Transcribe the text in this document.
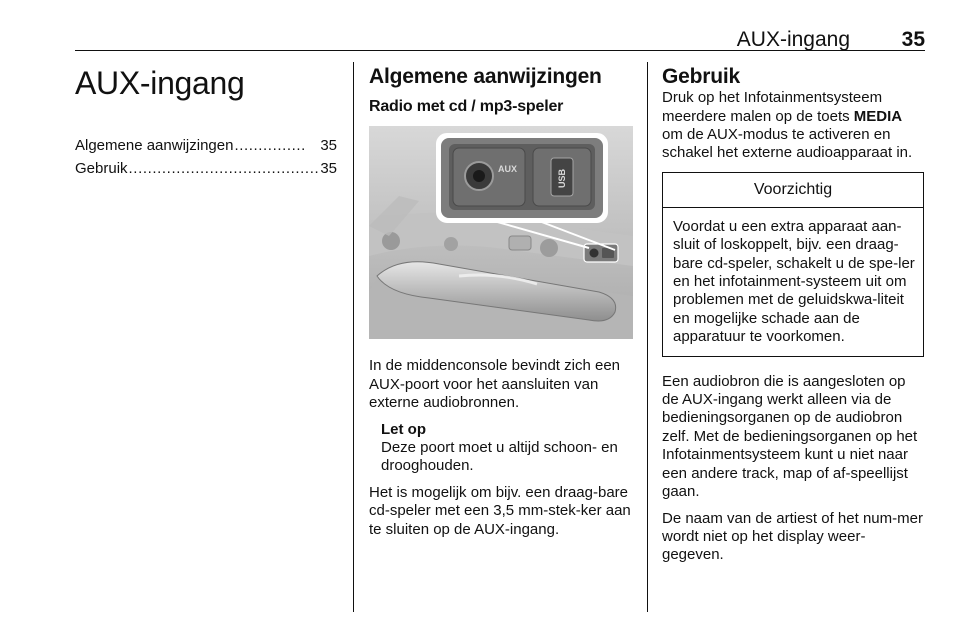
AUX-ingang 35
AUX-ingang
Algemene aanwijzingen ............... 35
Gebruik ........................................ 35
Algemene aanwijzingen
Radio met cd / mp3-speler
AUX	USB

In de middenconsole bevindt zich een AUX-poort voor het aansluiten van externe audiobronnen.

Let op
Deze poort moet u altijd schoon- en drooghouden.

Het is mogelijk om bijv. een draag-bare cd-speler met een 3,5 mm-stek-ker aan te sluiten op de AUX-ingang.

Gebruik

Druk op het Infotainmentsysteem meerdere malen op de toets MEDIA om de AUX-modus te activeren en schakel het externe audioapparaat in.

Voorzichtig
Voordat u een extra apparaat aan-sluit of loskoppelt, bijv. een draag-bare cd-speler, schakelt u de spe-ler en het infotainment-systeem uit om problemen met de geluidskwa-liteit en mogelijke schade aan de apparatuur te voorkomen.

Een audiobron die is aangesloten op de AUX-ingang werkt alleen via de bedieningsorganen op de audiobron zelf. Met de bedieningsorganen op het Infotainmentsysteem kunt u niet naar een andere track, map of af-speellijst gaan.

De naam van de artiest of het num-mer wordt niet op het display weer-gegeven.
